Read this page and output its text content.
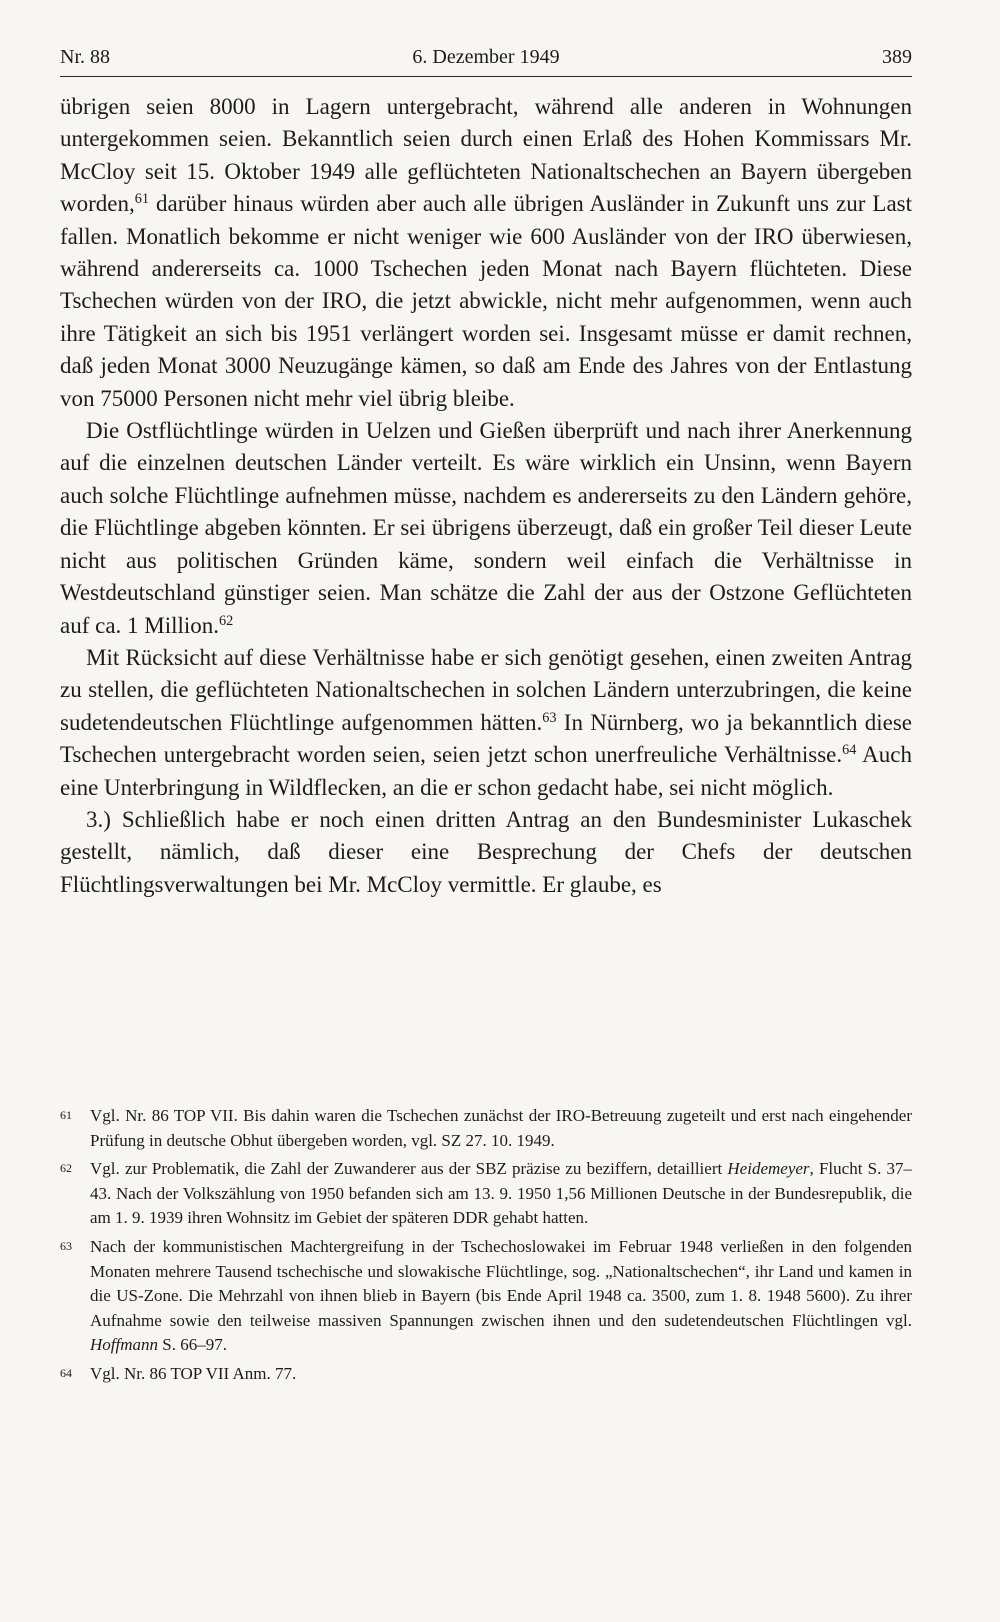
Nr. 88	6. Dezember 1949	389

übrigen seien 8000 in Lagern untergebracht, während alle anderen in Wohnungen untergekommen seien. Bekanntlich seien durch einen Erlaß des Hohen Kommissars Mr. McCloy seit 15. Oktober 1949 alle geflüchteten Nationaltschechen an Bayern übergeben worden,$^{61}$ darüber hinaus würden aber auch alle übrigen Ausländer in Zukunft uns zur Last fallen. Monatlich bekomme er nicht weniger wie 600 Ausländer von der IRO überwiesen, während andererseits ca. 1000 Tschechen jeden Monat nach Bayern flüchteten. Diese Tschechen würden von der IRO, die jetzt abwickle, nicht mehr aufgenommen, wenn auch ihre Tätigkeit an sich bis 1951 verlängert worden sei. Insgesamt müsse er damit rechnen, daß jeden Monat 3000 Neuzugänge kämen, so daß am Ende des Jahres von der Entlastung von 75000 Personen nicht mehr viel übrig bleibe.

Die Ostflüchtlinge würden in Uelzen und Gießen überprüft und nach ihrer Anerkennung auf die einzelnen deutschen Länder verteilt. Es wäre wirklich ein Unsinn, wenn Bayern auch solche Flüchtlinge aufnehmen müsse, nachdem es andererseits zu den Ländern gehöre, die Flüchtlinge abgeben könnten. Er sei übrigens überzeugt, daß ein großer Teil dieser Leute nicht aus politischen Gründen käme, sondern weil einfach die Verhältnisse in Westdeutschland günstiger seien. Man schätze die Zahl der aus der Ostzone Geflüchteten auf ca. 1 Million.$^{62}$

Mit Rücksicht auf diese Verhältnisse habe er sich genötigt gesehen, einen zweiten Antrag zu stellen, die geflüchteten Nationaltschechen in solchen Ländern unterzubringen, die keine sudetendeutschen Flüchtlinge aufgenommen hätten.$^{63}$ In Nürnberg, wo ja bekanntlich diese Tschechen untergebracht worden seien, seien jetzt schon unerfreuliche Verhältnisse.$^{64}$ Auch eine Unterbringung in Wildflecken, an die er schon gedacht habe, sei nicht möglich.

3.) Schließlich habe er noch einen dritten Antrag an den Bundesminister Lukaschek gestellt, nämlich, daß dieser eine Besprechung der Chefs der deutschen Flüchtlingsverwaltungen bei Mr. McCloy vermittle. Er glaube, es

61 Vgl. Nr. 86 TOP VII. Bis dahin waren die Tschechen zunächst der IRO-Betreuung zugeteilt und erst nach eingehender Prüfung in deutsche Obhut übergeben worden, vgl. SZ 27. 10. 1949.
62 Vgl. zur Problematik, die Zahl der Zuwanderer aus der SBZ präzise zu beziffern, detailliert Heidemeyer, Flucht S. 37–43. Nach der Volkszählung von 1950 befanden sich am 13. 9. 1950 1,56 Millionen Deutsche in der Bundesrepublik, die am 1. 9. 1939 ihren Wohnsitz im Gebiet der späteren DDR gehabt hatten.
63 Nach der kommunistischen Machtergreifung in der Tschechoslowakei im Februar 1948 verließen in den folgenden Monaten mehrere Tausend tschechische und slowakische Flüchtlinge, sog. „Nationaltschechen“, ihr Land und kamen in die US-Zone. Die Mehrzahl von ihnen blieb in Bayern (bis Ende April 1948 ca. 3500, zum 1. 8. 1948 5600). Zu ihrer Aufnahme sowie den teilweise massiven Spannungen zwischen ihnen und den sudetendeutschen Flüchtlingen vgl. Hoffmann S. 66–97.
64 Vgl. Nr. 86 TOP VII Anm. 77.
